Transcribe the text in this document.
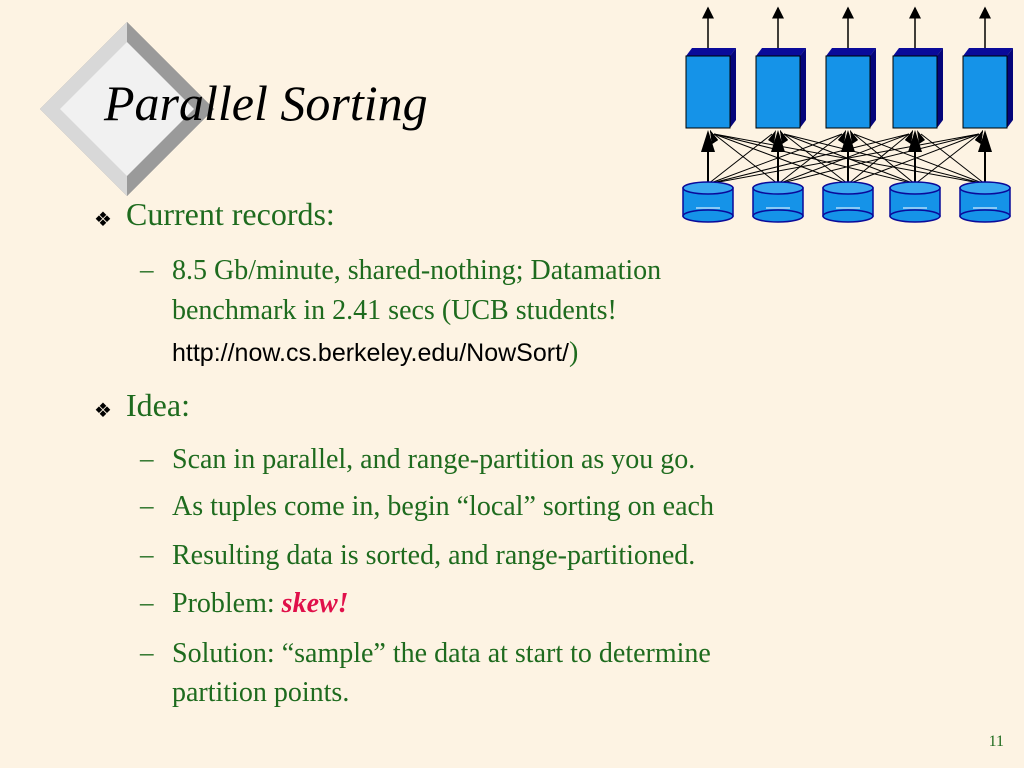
Parallel Sorting
❖ Current records:
– 8.5 Gb/minute, shared-nothing; Datamation
benchmark in 2.41 secs (UCB students!
http://now.cs.berkeley.edu/NowSort/)
❖ Idea:
– Scan in parallel, and range-partition as you go.
– As tuples come in, begin “local” sorting on each
– Resulting data is sorted, and range-partitioned.
– Problem: skew!
– Solution: “sample” the data at start to determine
partition points.
11
